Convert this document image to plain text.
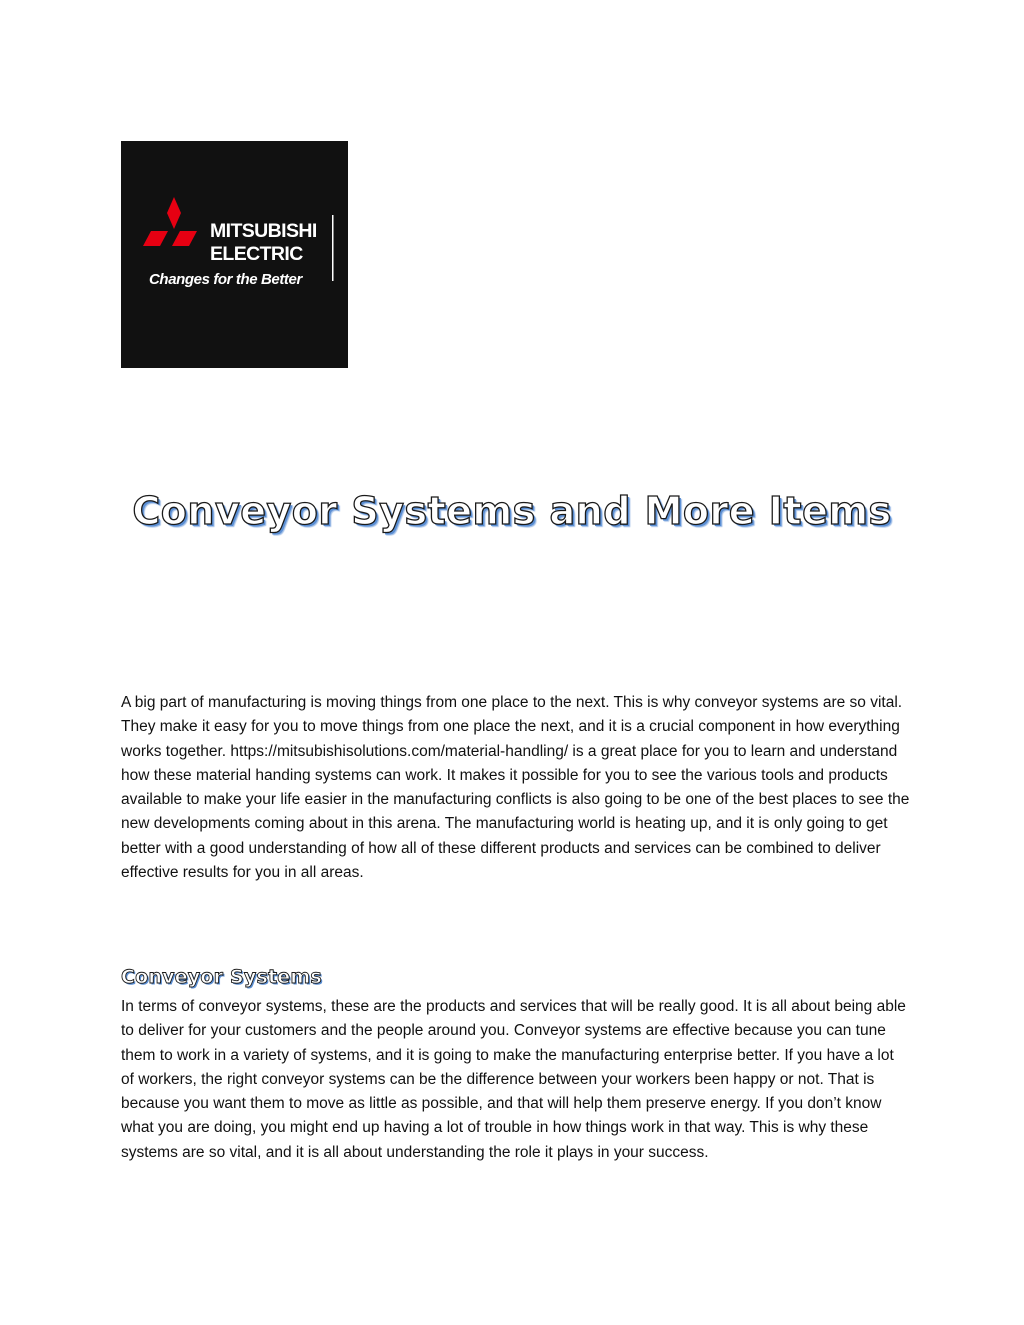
MITSUBISHI
ELECTRIC
Changes for the Better
Conveyor Systems and More Items

A big part of manufacturing is moving things from one place to the next. This is why conveyor systems are so vital. They make it easy for you to move things from one place the next, and it is a crucial component in how everything works together. https://mitsubishisolutions.com/material-handling/ is a great place for you to learn and understand how these material handing systems can work. It makes it possible for you to see the various tools and products available to make your life easier in the manufacturing conflicts is also going to be one of the best places to see the new developments coming about in this arena. The manufacturing world is heating up, and it is only going to get better with a good understanding of how all of these different products and services can be combined to deliver effective results for you in all areas.

Conveyor Systems

In terms of conveyor systems, these are the products and services that will be really good. It is all about being able to deliver for your customers and the people around you. Conveyor systems are effective because you can tune them to work in a variety of systems, and it is going to make the manufacturing enterprise better. If you have a lot of workers, the right conveyor systems can be the difference between your workers been happy or not. That is because you want them to move as little as possible, and that will help them preserve energy. If you don’t know what you are doing, you might end up having a lot of trouble in how things work in that way. This is why these systems are so vital, and it is all about understanding the role it plays in your success.
